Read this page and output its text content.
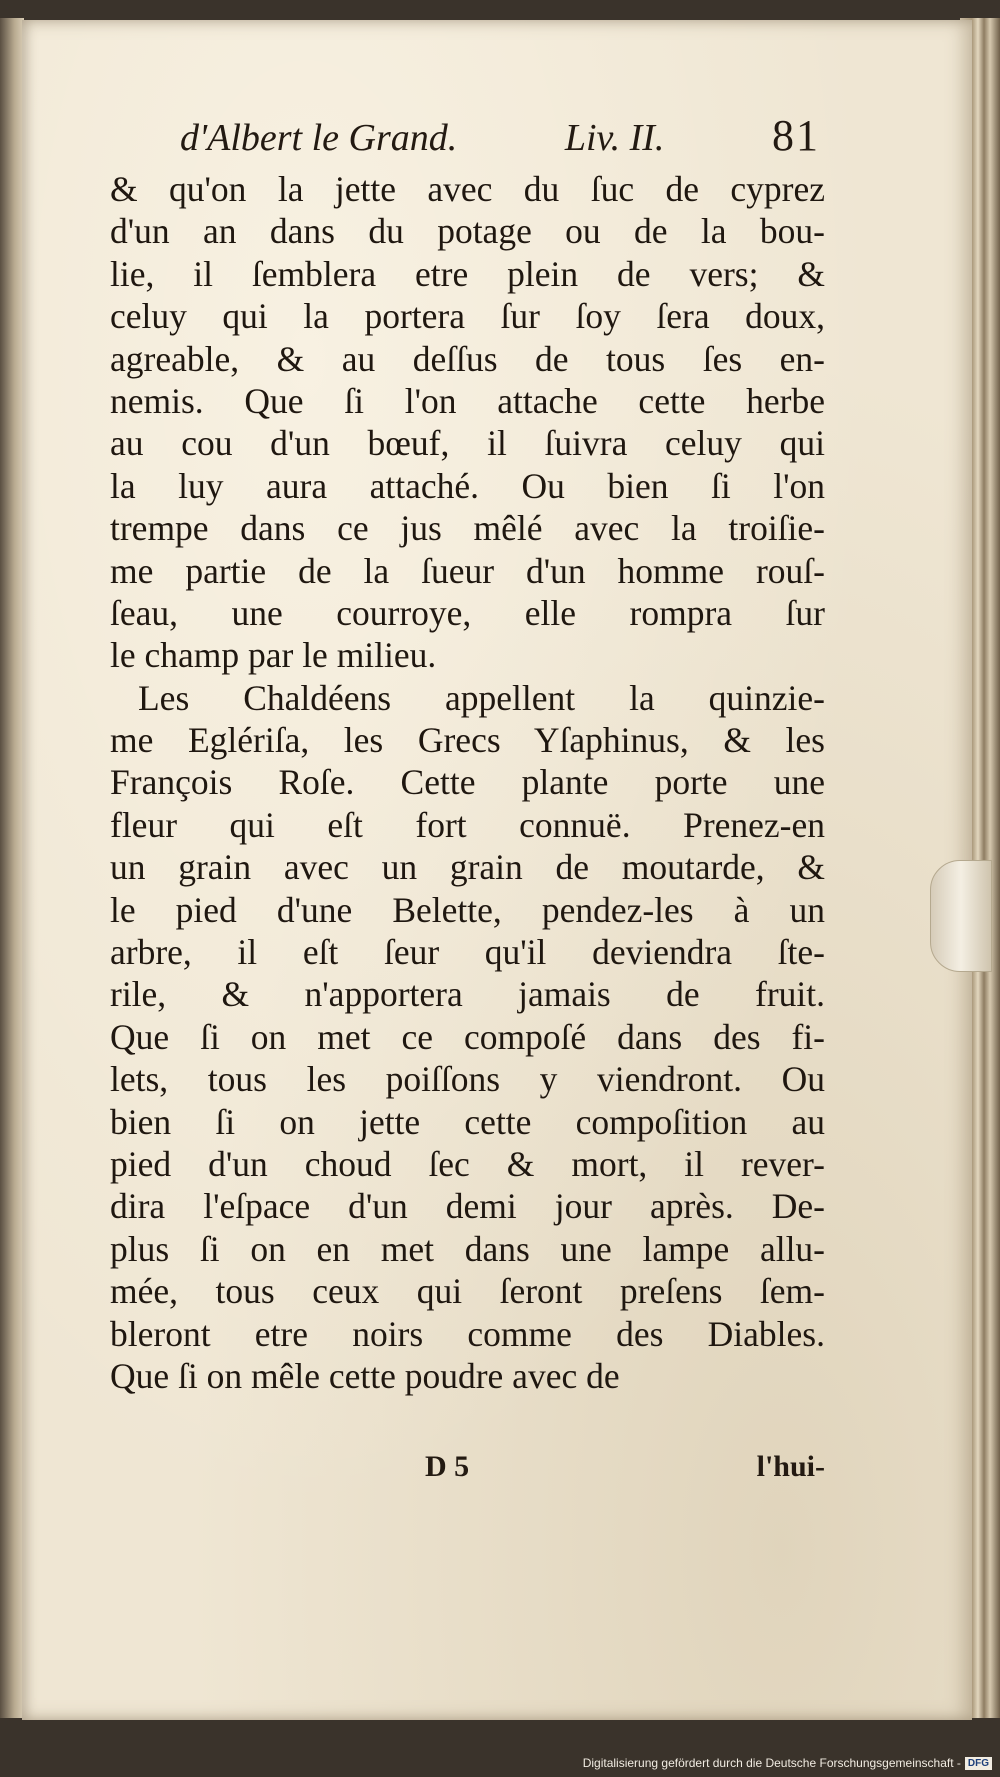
d'Albert le Grand.	Liv. II. 81
& qu'on la jette avec du ſuc de cyprez
d'un an dans du potage ou de la bou-
lie, il ſemblera etre plein de vers; &
celuy qui la portera ſur ſoy ſera doux,
agreable, & au deſſus de tous ſes en-
nemis. Que ſi l'on attache cette herbe
au cou d'un bœuf, il ſuivra celuy qui
la luy aura attaché. Ou bien ſi l'on
trempe dans ce jus mêlé avec la troiſie-
me partie de la ſueur d'un homme rouſ-
ſeau, une courroye, elle rompra ſur
le champ par le milieu.
Les Chaldéens appellent la quinzie-
me Eglériſa, les Grecs Yſaphinus, & les
François Roſe. Cette plante porte une
fleur qui eſt fort connuë. Prenez-en
un grain avec un grain de moutarde, &
le pied d'une Belette, pendez-les à un
arbre, il eſt ſeur qu'il deviendra ſte-
rile, & n'apportera jamais de fruit.
Que ſi on met ce compoſé dans des fi-
lets, tous les poiſſons y viendront. Ou
bien ſi on jette cette compoſition au
pied d'un choud ſec & mort, il rever-
dira l'eſpace d'un demi jour après. De-
plus ſi on en met dans une lampe allu-
mée, tous ceux qui ſeront preſens ſem-
bleront etre noirs comme des Diables.
Que ſi on mêle cette poudre avec de
D 5	l'hui-
Digitalisierung gefördert durch die Deutsche Forschungsgemeinschaft - DFG
